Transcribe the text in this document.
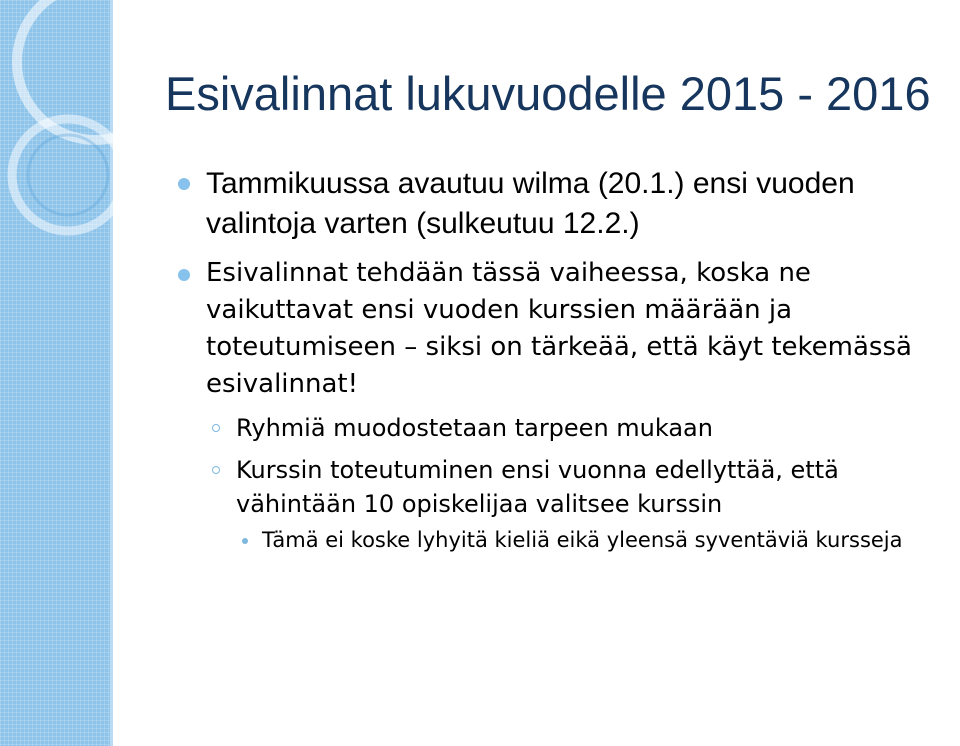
Esivalinnat lukuvuodelle 2015 - 2016
Tammikuussa avautuu wilma (20.1.) ensi vuoden valintoja varten (sulkeutuu 12.2.)
Esivalinnat tehdään tässä vaiheessa, koska ne vaikuttavat ensi vuoden kurssien määrään ja toteutumiseen – siksi on tärkeää, että käyt tekemässä esivalinnat!
Ryhmiä muodostetaan tarpeen mukaan
Kurssin toteutuminen ensi vuonna edellyttää, että vähintään 10 opiskelijaa valitsee kurssin
Tämä ei koske lyhyitä kieliä eikä yleensä syventäviä kursseja
